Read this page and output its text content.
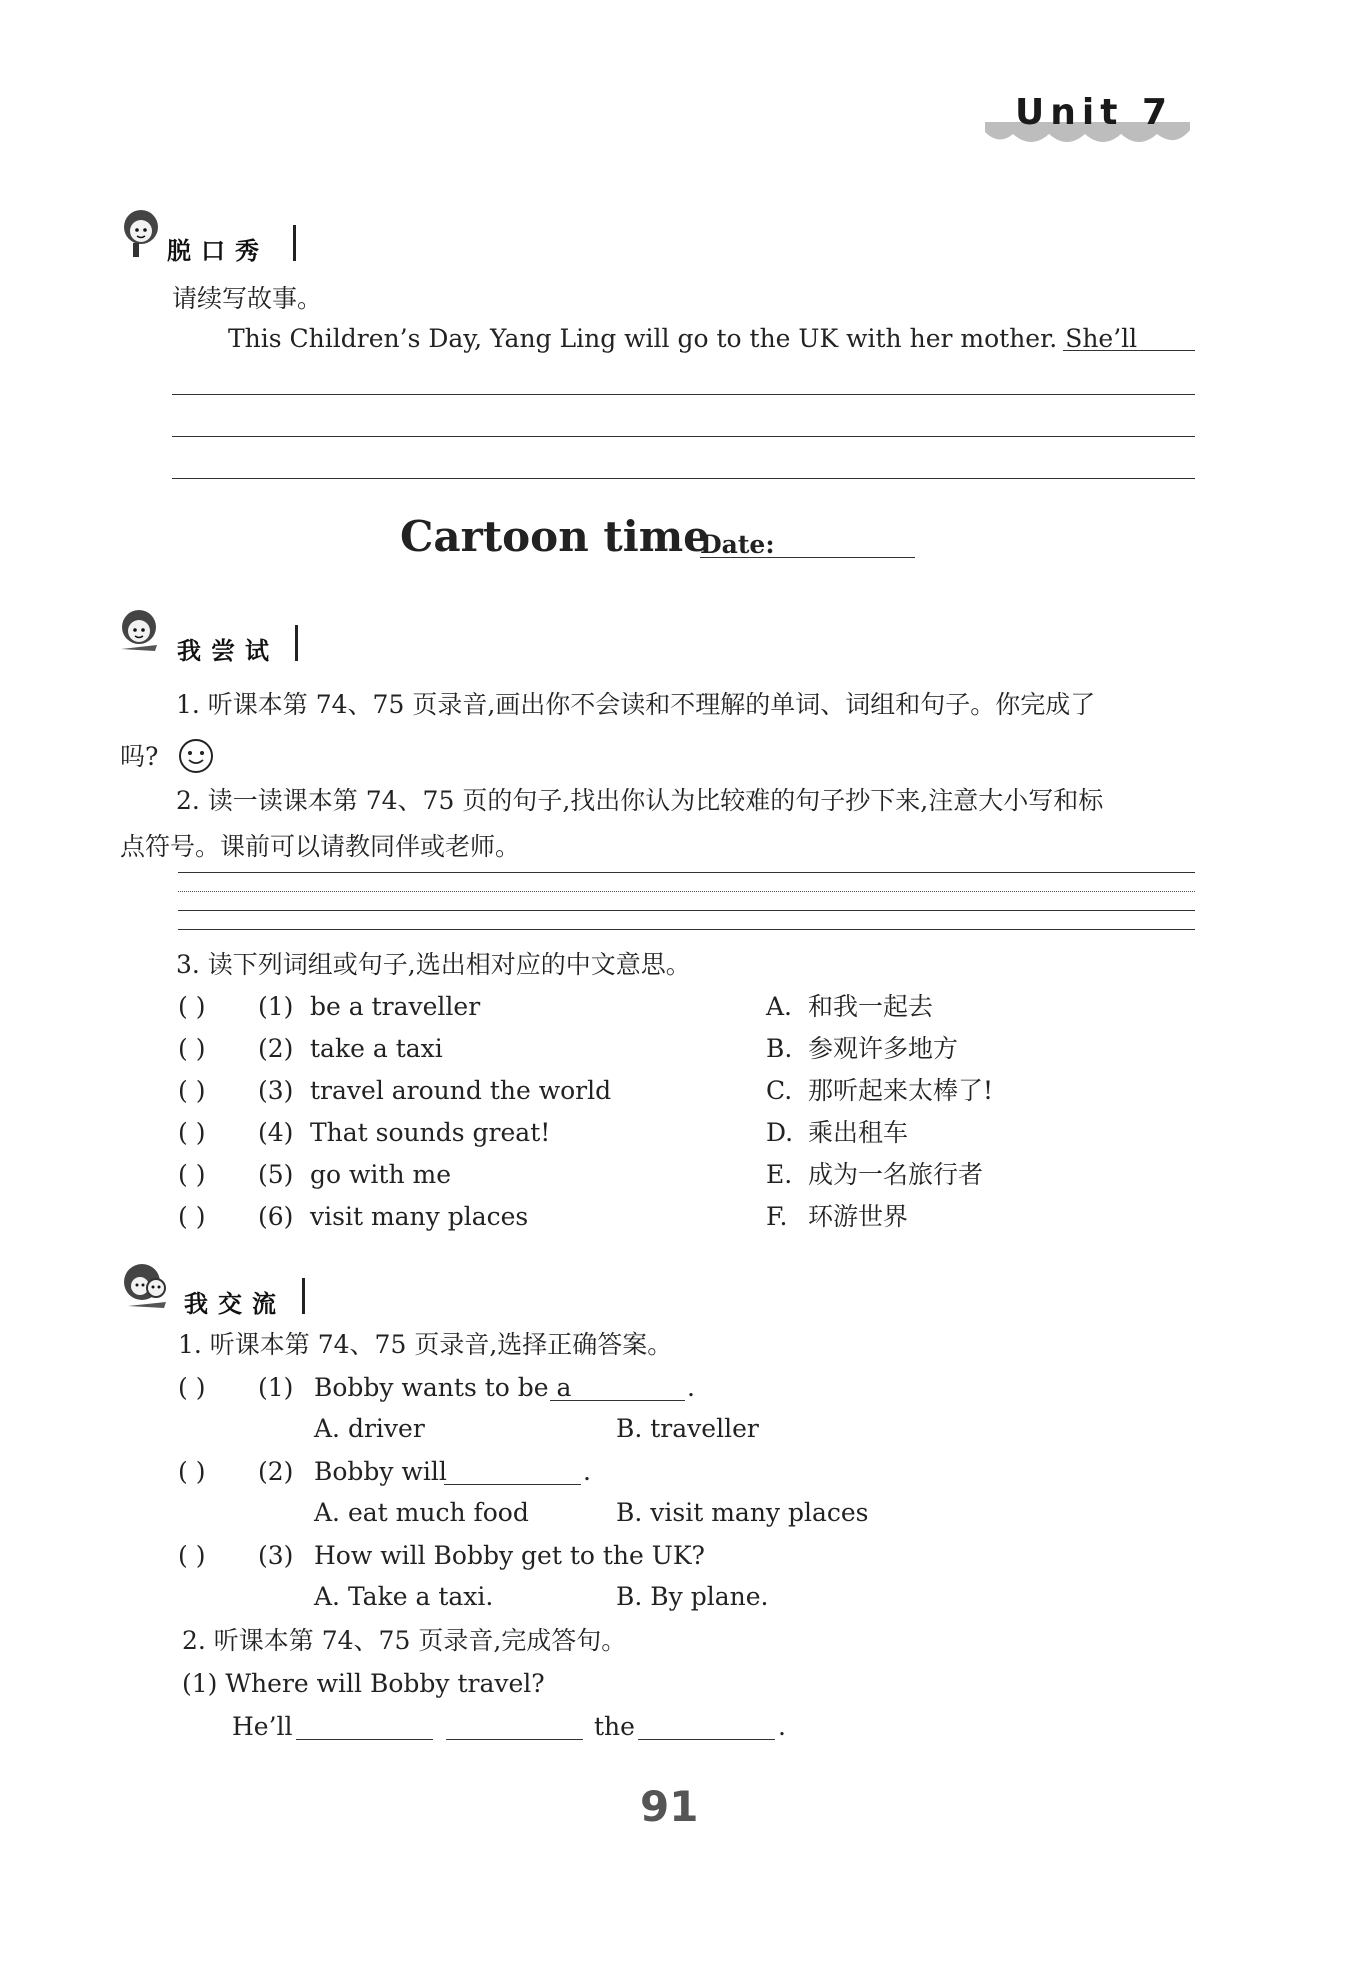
Unit 7
脱口秀
请续写故事。
This Children’s Day, Yang Ling will go to the UK with her mother. She’ll
Cartoon time
Date:
我尝试
1. 听课本第 74、75 页录音,画出你不会读和不理解的单词、词组和句子。你完成了
吗?
2. 读一读课本第 74、75 页的句子,找出你认为比较难的句子抄下来,注意大小写和标
点符号。课前可以请教同伴或老师。
3. 读下列词组或句子,选出相对应的中文意思。
( ) (1) be a traveller	A. 和我一起去
( ) (2) take a taxi	B. 参观许多地方
( ) (3) travel around the world	C. 那听起来太棒了!
( ) (4) That sounds great!	D. 乘出租车
( ) (5) go with me	E. 成为一名旅行者
( ) (6) visit many places	F. 环游世界
我交流
1. 听课本第 74、75 页录音,选择正确答案。
( ) (1) Bobby wants to be a	.
A. driver	B. traveller
( ) (2) Bobby will	.
A. eat much food	B. visit many places
( ) (3) How will Bobby get to the UK?
A. Take a taxi.	B. By plane.
2. 听课本第 74、75 页录音,完成答句。
(1) Where will Bobby travel?
He’ll	the	.
91
